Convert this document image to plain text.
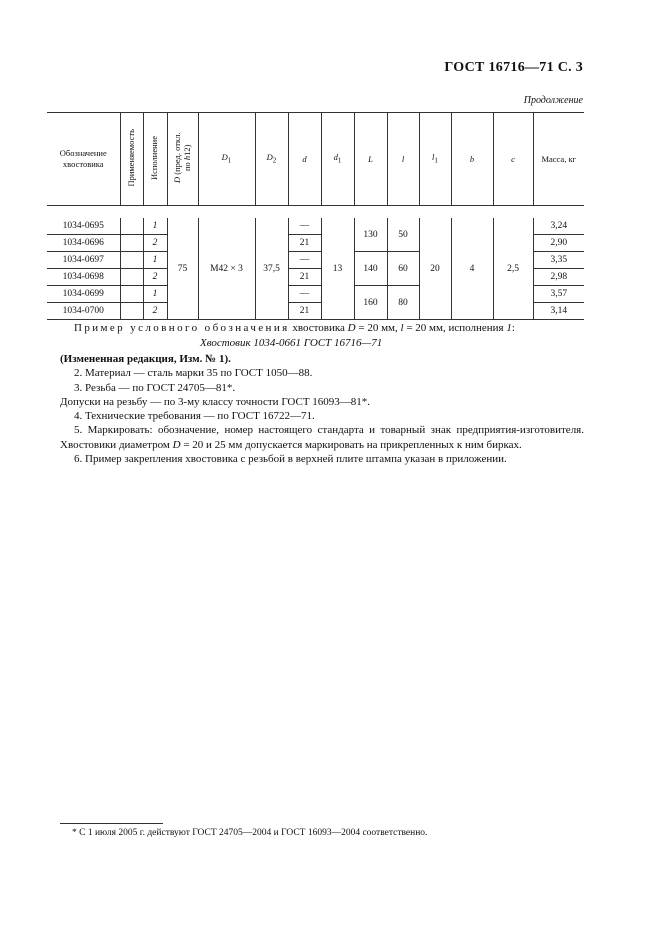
ГОСТ 16716—71 С. 3
Продолжение
Обозначение хвостовика	Применяемость	Исполнение	D (пред. откл.
по h12)	$D_1$	$D_2$	d	$d_1$	L	l	$l_1$	b	c	Масса, кг

1034-0695		1	75	М42 × 3	37,5	—	13	130	50	20	4	2,5	3,24
1034-0696		2				21							2,90
1034-0697		1				—		140	60				3,35
1034-0698		2				21							2,98
1034-0699		1				—		160	80				3,57
1034-0700		2				21							3,14
Пример условного обозначения хвостовика D = 20 мм, l = 20 мм, исполнения 1:
Хвостовик 1034-0661 ГОСТ 16716—71

(Измененная редакция, Изм. № 1).

2. Материал — сталь марки 35 по ГОСТ 1050—88.

3. Резьба — по ГОСТ 24705—81*.

Допуски на резьбу — по 3-му классу точности ГОСТ 16093—81*.

4. Технические требования — по ГОСТ 16722—71.

5. Маркировать: обозначение, номер настоящего стандарта и товарный знак предприятия-изготовителя. Хвостовики диаметром D = 20 и 25 мм допускается маркировать на прикрепленных к ним бирках.

6. Пример закрепления хвостовика с резьбой в верхней плите штампа указан в приложении.

* С 1 июля 2005 г. действуют ГОСТ 24705—2004 и ГОСТ 16093—2004 соответственно.
